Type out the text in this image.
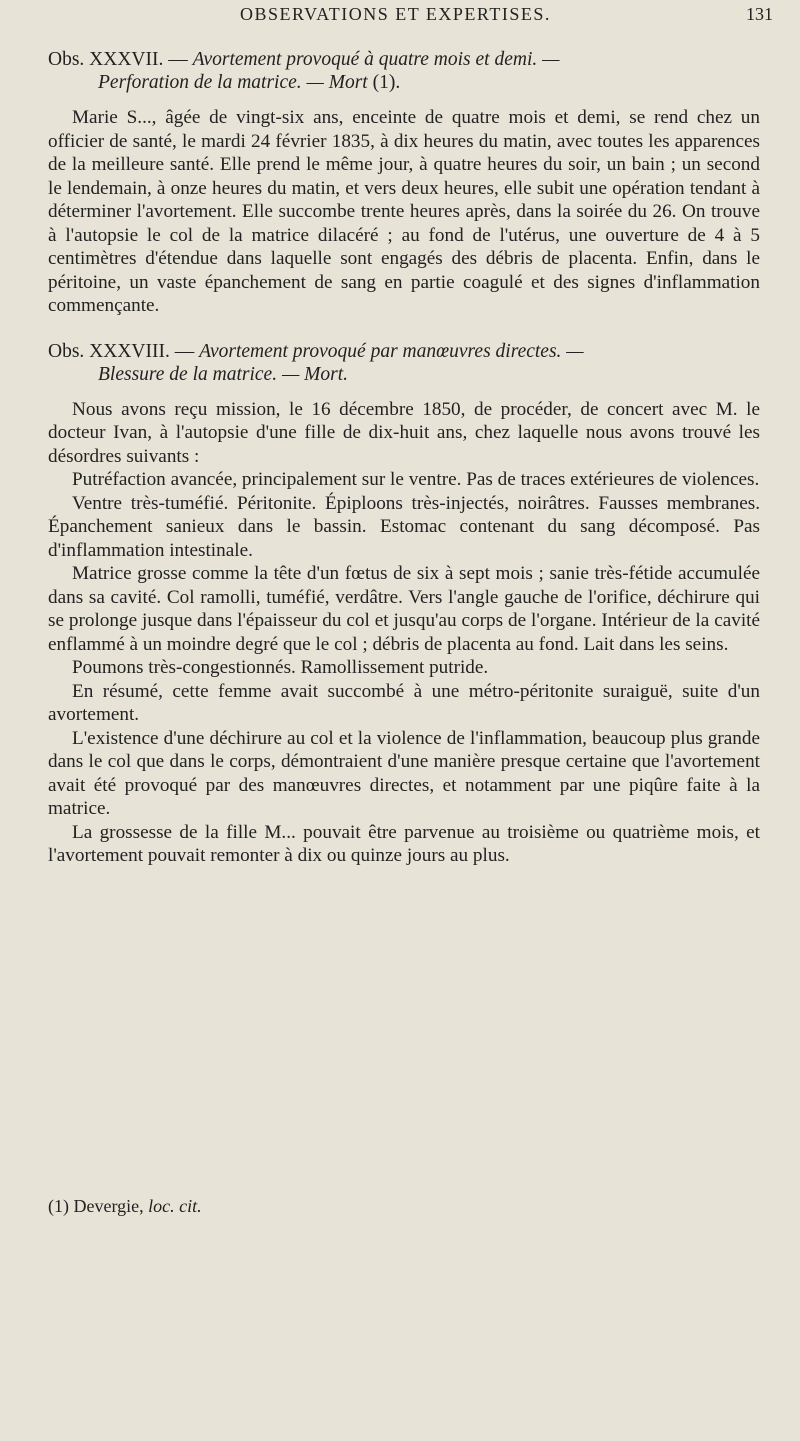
OBSERVATIONS ET EXPERTISES.	131

Obs. XXXVII. — Avortement provoqué à quatre mois et demi. —
Perforation de la matrice. — Mort (1).

Marie S..., âgée de vingt-six ans, enceinte de quatre mois et demi, se rend chez un officier de santé, le mardi 24 février 1835, à dix heures du matin, avec toutes les apparences de la meilleure santé. Elle prend le même jour, à quatre heures du soir, un bain ; un second le lendemain, à onze heures du matin, et vers deux heures, elle subit une opération tendant à déterminer l'avortement. Elle succombe trente heures après, dans la soirée du 26. On trouve à l'autopsie le col de la matrice dilacéré ; au fond de l'utérus, une ouverture de 4 à 5 centimètres d'étendue dans laquelle sont engagés des débris de placenta. Enfin, dans le péritoine, un vaste épanchement de sang en partie coagulé et des signes d'inflammation commençante.

Obs. XXXVIII. — Avortement provoqué par manœuvres directes. —
Blessure de la matrice. — Mort.

Nous avons reçu mission, le 16 décembre 1850, de procéder, de concert avec M. le docteur Ivan, à l'autopsie d'une fille de dix-huit ans, chez laquelle nous avons trouvé les désordres suivants :

Putréfaction avancée, principalement sur le ventre. Pas de traces extérieures de violences.

Ventre très-tuméfié. Péritonite. Épiploons très-injectés, noirâtres. Fausses membranes. Épanchement sanieux dans le bassin. Estomac contenant du sang décomposé. Pas d'inflammation intestinale.

Matrice grosse comme la tête d'un fœtus de six à sept mois ; sanie très-fétide accumulée dans sa cavité. Col ramolli, tuméfié, verdâtre. Vers l'angle gauche de l'orifice, déchirure qui se prolonge jusque dans l'épaisseur du col et jusqu'au corps de l'organe. Intérieur de la cavité enflammé à un moindre degré que le col ; débris de placenta au fond. Lait dans les seins.

Poumons très-congestionnés. Ramollissement putride.

En résumé, cette femme avait succombé à une métro-péritonite suraiguë, suite d'un avortement.

L'existence d'une déchirure au col et la violence de l'inflammation, beaucoup plus grande dans le col que dans le corps, démontraient d'une manière presque certaine que l'avortement avait été provoqué par des manœuvres directes, et notamment par une piqûre faite à la matrice.

La grossesse de la fille M... pouvait être parvenue au troisième ou quatrième mois, et l'avortement pouvait remonter à dix ou quinze jours au plus.

(1) Devergie, loc. cit.
